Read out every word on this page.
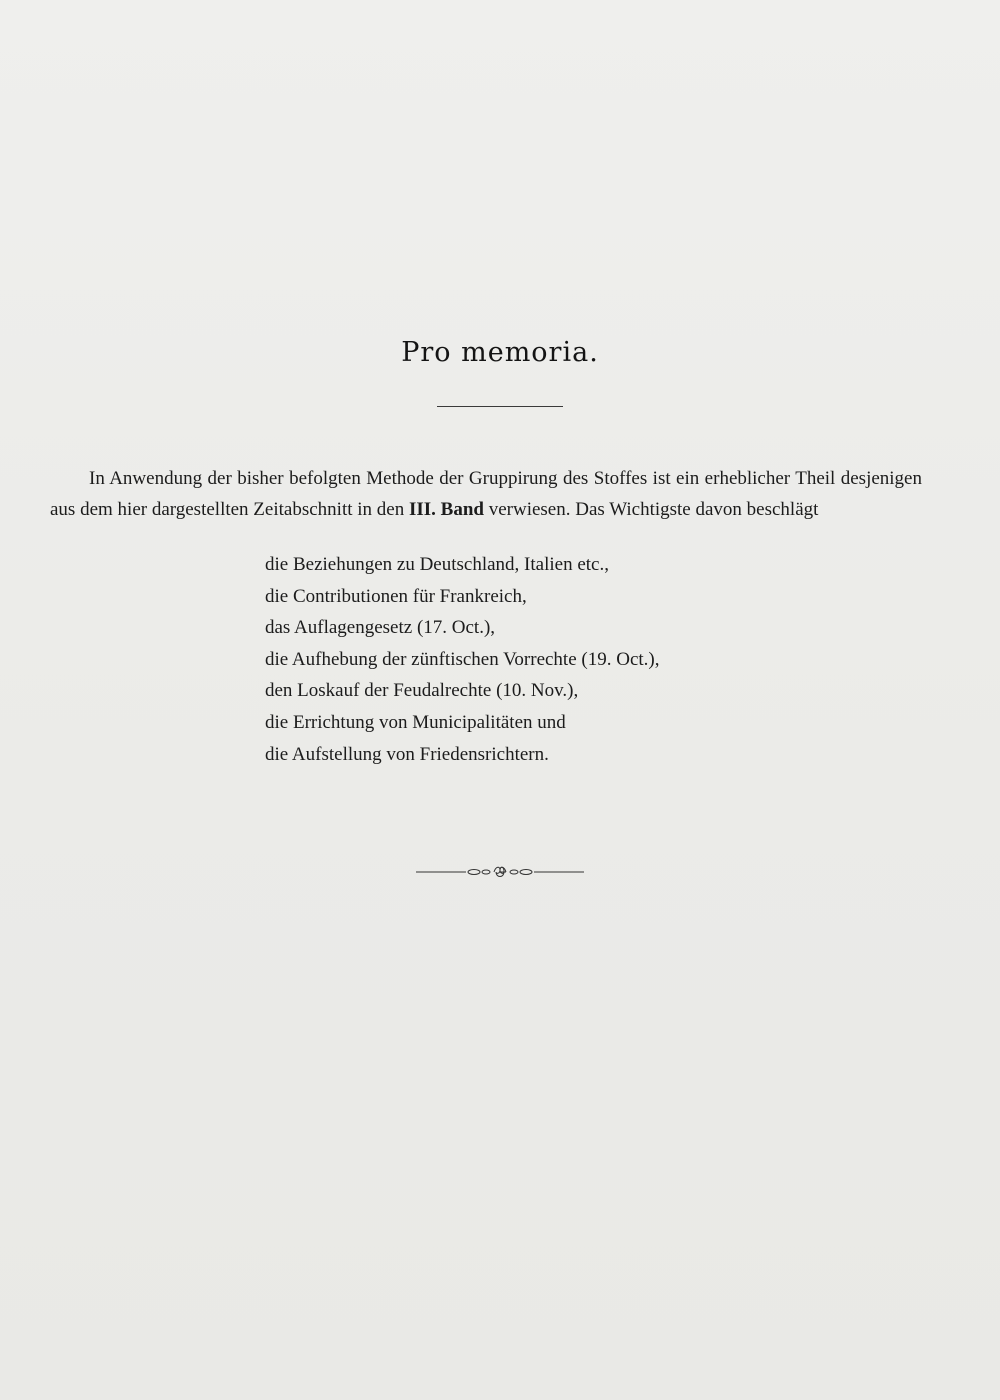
Pro memoria.

In Anwendung der bisher befolgten Methode der Gruppirung des Stoffes ist ein erheblicher Theil desjenigen aus dem hier dargestellten Zeitabschnitt in den III. Band verwiesen. Das Wichtigste davon beschlägt

die Beziehungen zu Deutschland, Italien etc.,
die Contributionen für Frankreich,
das Auflagengesetz (17. Oct.),
die Aufhebung der zünftischen Vorrechte (19. Oct.),
den Loskauf der Feudalrechte (10. Nov.),
die Errichtung von Municipalitäten und
die Aufstellung von Friedensrichtern.
